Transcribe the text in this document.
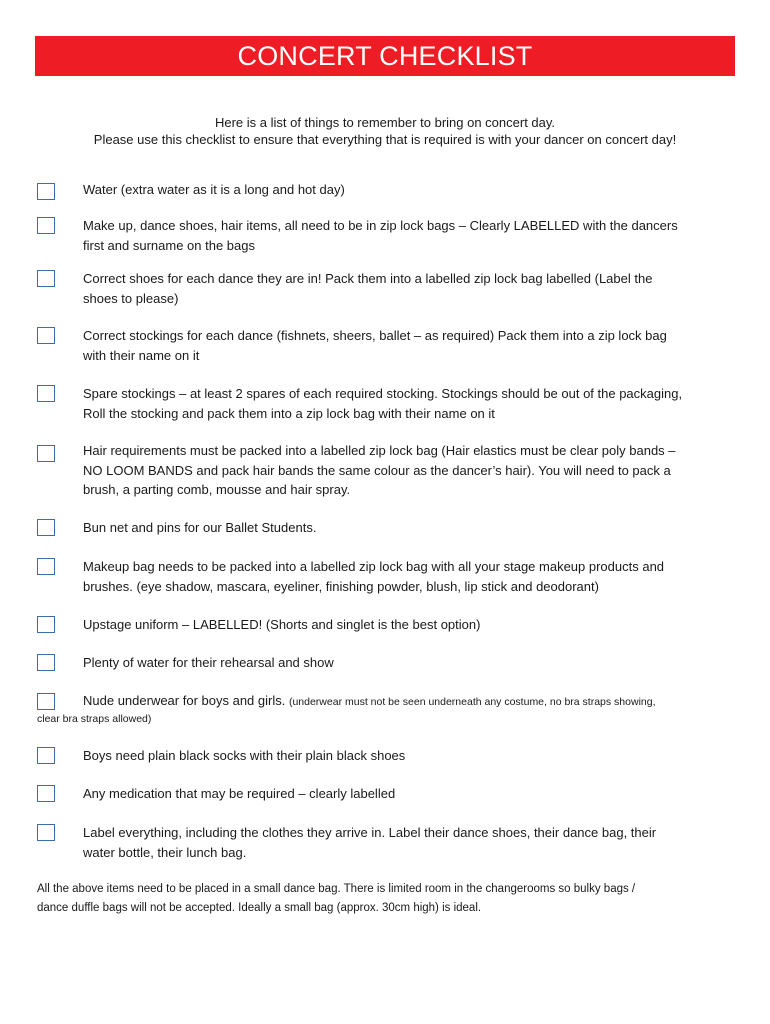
CONCERT CHECKLIST
Here is a list of things to remember to bring on concert day.
Please use this checklist to ensure that everything that is required is with your dancer on concert day!
Water (extra water as it is a long and hot day)
Make up, dance shoes, hair items, all need to be in zip lock bags – Clearly LABELLED with the dancers
first and surname on the bags
Correct shoes for each dance they are in! Pack them into a labelled zip lock bag labelled (Label the
shoes to please)
Correct stockings for each dance (fishnets, sheers, ballet – as required) Pack them into a zip lock bag
with their name on it
Spare stockings – at least 2 spares of each required stocking. Stockings should be out of the packaging,
Roll the stocking and pack them into a zip lock bag with their name on it
Hair requirements must be packed into a labelled zip lock bag (Hair elastics must be clear poly bands –
NO LOOM BANDS and pack hair bands the same colour as the dancer’s hair). You will need to pack a
brush, a parting comb, mousse and hair spray.
Bun net and pins for our Ballet Students.
Makeup bag needs to be packed into a labelled zip lock bag with all your stage makeup products and
brushes. (eye shadow, mascara, eyeliner, finishing powder, blush, lip stick and deodorant)
Upstage uniform – LABELLED! (Shorts and singlet is the best option)
Plenty of water for their rehearsal and show
Nude underwear for boys and girls. (underwear must not be seen underneath any costume, no bra straps showing,
clear bra straps allowed)
Boys need plain black socks with their plain black shoes
Any medication that may be required – clearly labelled
Label everything, including the clothes they arrive in. Label their dance shoes, their dance bag, their
water bottle, their lunch bag.
All the above items need to be placed in a small dance bag. There is limited room in the changerooms so bulky bags /
dance duffle bags will not be accepted. Ideally a small bag (approx. 30cm high) is ideal.
